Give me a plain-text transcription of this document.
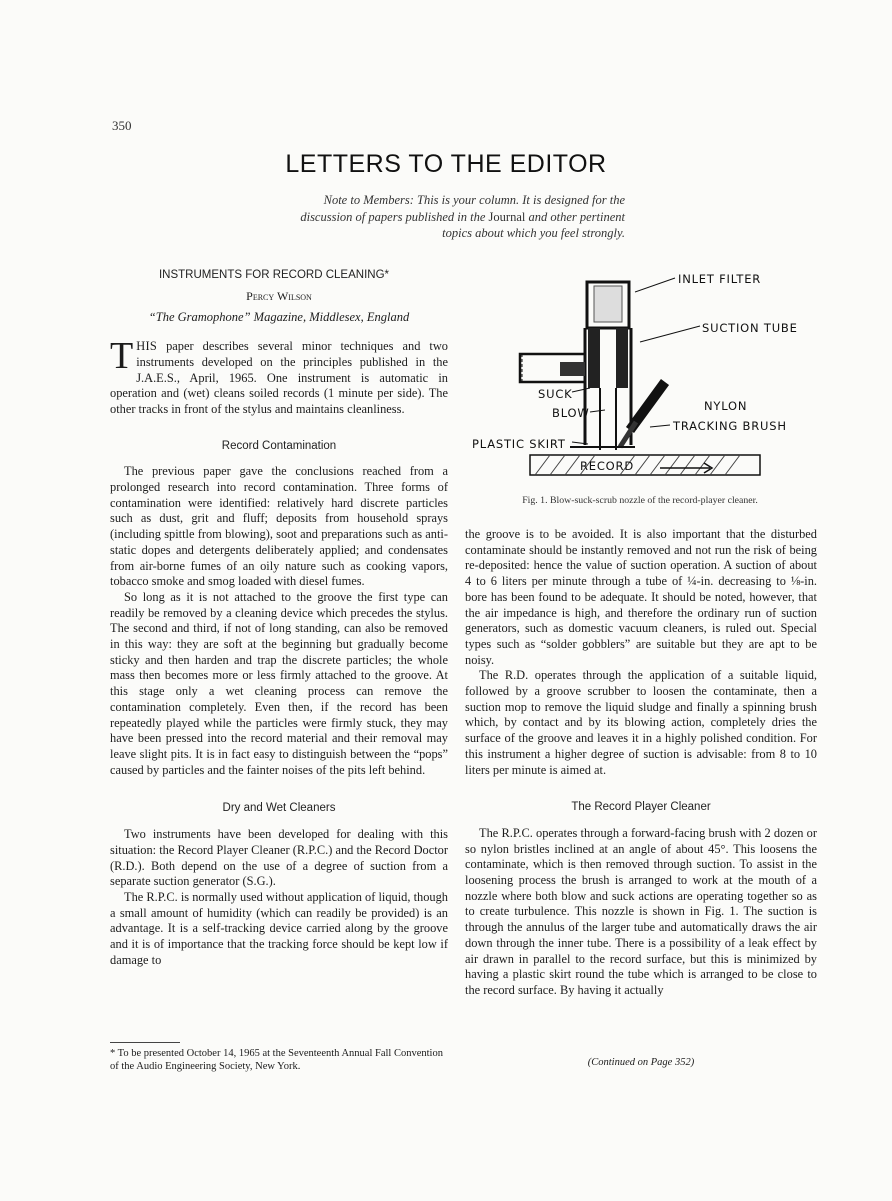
350
LETTERS TO THE EDITOR
Note to Members: This is your column. It is designed for the discussion of papers published in the Journal and other pertinent topics about which you feel strongly.
INSTRUMENTS FOR RECORD CLEANING*
Percy Wilson
“The Gramophone” Magazine, Middlesex, England

THIS paper describes several minor techniques and two instruments developed on the principles published in the J.A.E.S., April, 1965. One instrument is automatic in operation and (wet) cleans soiled records (1 minute per side). The other tracks in front of the stylus and maintains cleanliness.

Record Contamination

The previous paper gave the conclusions reached from a prolonged research into record contamination. Three forms of contamination were identified: relatively hard discrete particles such as dust, grit and fluff; deposits from household sprays (including spittle from blowing), soot and preparations such as anti-static dopes and detergents deliberately applied; and condensates from air-borne fumes of an oily nature such as cooking vapors, tobacco smoke and smog loaded with diesel fumes.

So long as it is not attached to the groove the first type can readily be removed by a cleaning device which precedes the stylus. The second and third, if not of long standing, can also be removed in this way: they are soft at the beginning but gradually become sticky and then harden and trap the discrete particles; the whole mass then becomes more or less firmly attached to the groove. At this stage only a wet cleaning process can remove the contamination completely. Even then, if the record has been repeatedly played while the particles were firmly stuck, they may have been pressed into the record material and their removal may leave slight pits. It is in fact easy to distinguish between the “pops” caused by particles and the fainter noises of the pits left behind.

Dry and Wet Cleaners

Two instruments have been developed for dealing with this situation: the Record Player Cleaner (R.P.C.) and the Record Doctor (R.D.). Both depend on the use of a degree of suction from a separate suction generator (S.G.).

The R.P.C. is normally used without application of liquid, though a small amount of humidity (which can readily be provided) is an advantage. It is a self-tracking device carried along by the groove and it is of importance that the tracking force should be kept low if damage to

* To be presented October 14, 1965 at the Seventeenth Annual Fall Convention of the Audio Engineering Society, New York.
INLET FILTER
SUCTION TUBE
SUCK
BLOW	NYLON
TRACKING BRUSH
PLASTIC SKIRT
RECORD
Fig. 1. Blow-suck-scrub nozzle of the record-player cleaner.

the groove is to be avoided. It is also important that the disturbed contaminate should be instantly removed and not run the risk of being re-deposited: hence the value of suction operation. A suction of about 4 to 6 liters per minute through a tube of ¼-in. decreasing to ⅛-in. bore has been found to be adequate. It should be noted, however, that the air impedance is high, and therefore the ordinary run of suction generators, such as domestic vacuum cleaners, is ruled out. Special types such as “solder gobblers” are suitable but they are apt to be noisy.

The R.D. operates through the application of a suitable liquid, followed by a groove scrubber to loosen the contaminate, then a suction mop to remove the liquid sludge and finally a spinning brush which, by contact and by its blowing action, completely dries the surface of the groove and leaves it in a highly polished condition. For this instrument a higher degree of suction is advisable: from 8 to 10 liters per minute is aimed at.

The Record Player Cleaner

The R.P.C. operates through a forward-facing brush with 2 dozen or so nylon bristles inclined at an angle of about 45°. This loosens the contaminate, which is then removed through suction. To assist in the loosening process the brush is arranged to work at the mouth of a nozzle where both blow and suck actions are operating together so as to create turbulence. This nozzle is shown in Fig. 1. The suction is through the annulus of the larger tube and automatically draws the air down through the inner tube. There is a possibility of a leak effect by air drawn in parallel to the record surface, but this is minimized by having a plastic skirt round the tube which is arranged to be close to the record surface. By having it actually

(Continued on Page 352)
